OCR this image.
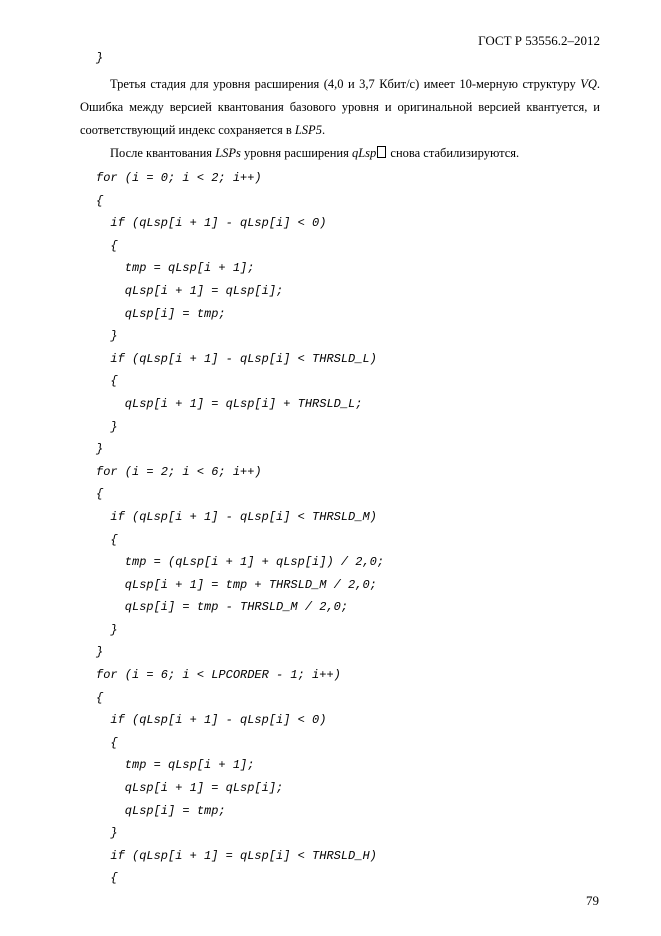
ГОСТ Р 53556.2–2012
}

Третья стадия для уровня расширения (4,0 и 3,7 Кбит/с) имеет 10-мерную структуру VQ. Ошибка между версией квантования базового уровня и оригинальной версией квантуется, и соответствующий индекс сохраняется в LSP5.

После квантования LSPs уровня расширения qLsp снова стабилизируются.

for (i = 0; i < 2; i++)
{
if (qLsp[i + 1] - qLsp[i] < 0)
{
tmp = qLsp[i + 1];
qLsp[i + 1] = qLsp[i];
qLsp[i] = tmp;
}
if (qLsp[i + 1] - qLsp[i] < THRSLD_L)
{
qLsp[i + 1] = qLsp[i] + THRSLD_L;
}
}
for (i = 2; i < 6; i++)
{
if (qLsp[i + 1] - qLsp[i] < THRSLD_M)
{
tmp = (qLsp[i + 1] + qLsp[i]) / 2,0;
qLsp[i + 1] = tmp + THRSLD_M / 2,0;
qLsp[i] = tmp - THRSLD_M / 2,0;
}
}
for (i = 6; i < LPCORDER - 1; i++)
{
if (qLsp[i + 1] - qLsp[i] < 0)
{
tmp = qLsp[i + 1];
qLsp[i + 1] = qLsp[i];
qLsp[i] = tmp;
}
if (qLsp[i + 1] = qLsp[i] < THRSLD_H)
{
79
